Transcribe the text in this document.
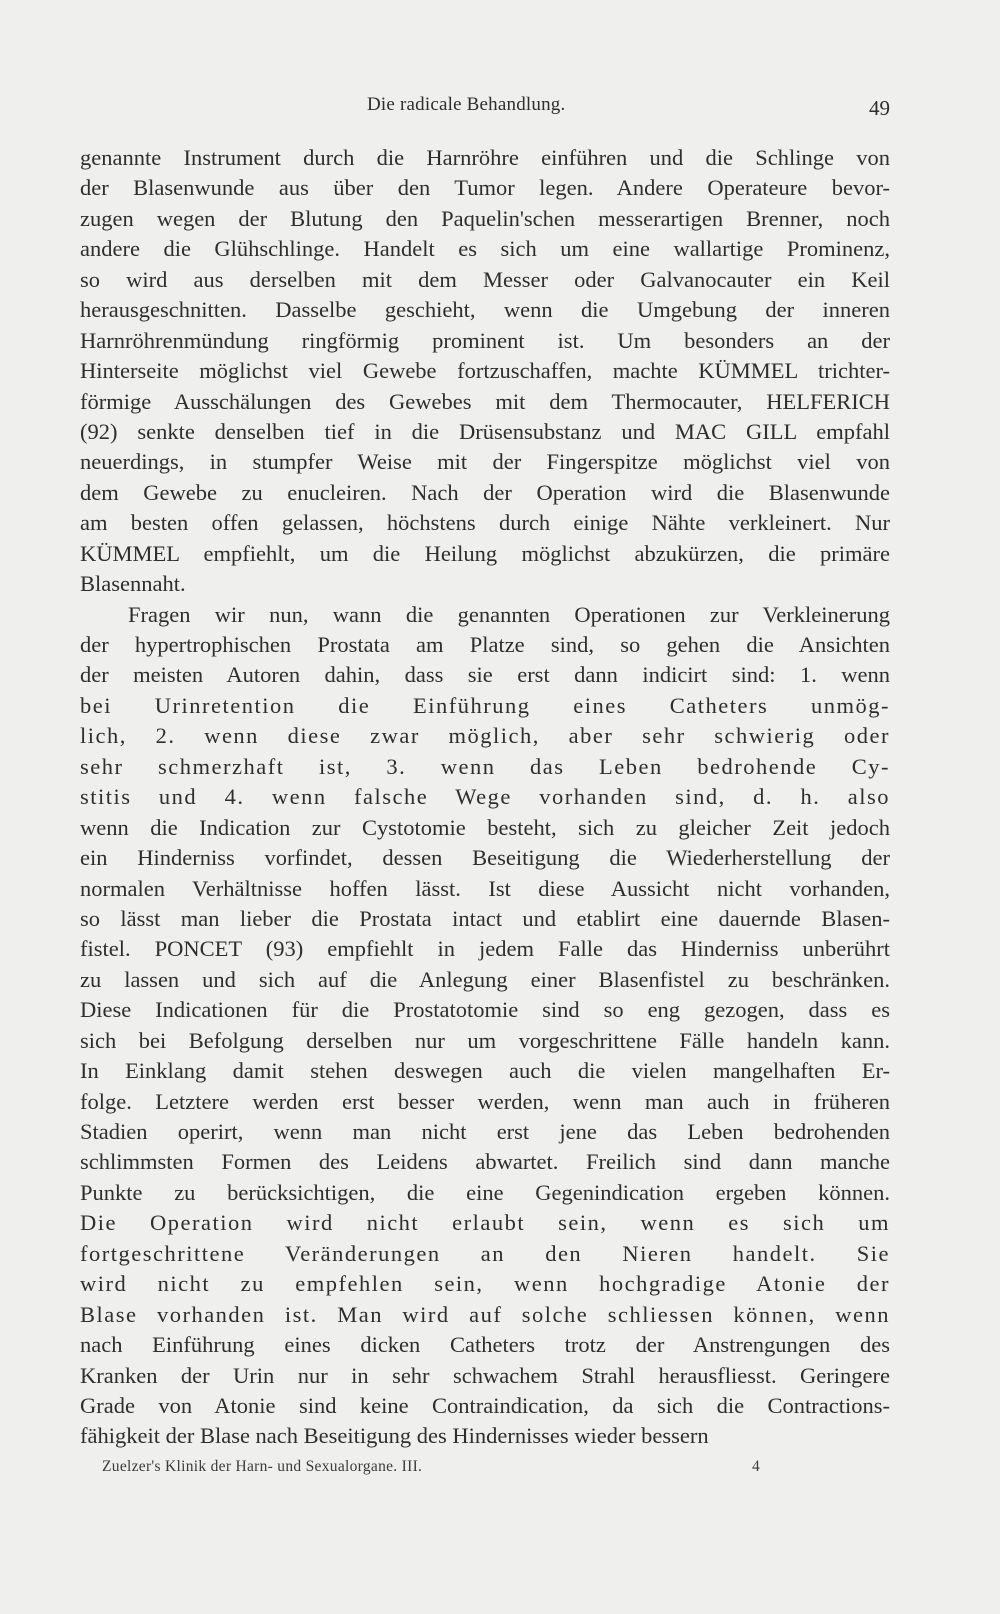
Die radicale Behandlung.	49
genannte Instrument durch die Harnröhre einführen und die Schlinge von
der Blasenwunde aus über den Tumor legen. Andere Operateure bevor-
zugen wegen der Blutung den Paquelin'schen messerartigen Brenner, noch
andere die Glühschlinge. Handelt es sich um eine wallartige Prominenz,
so wird aus derselben mit dem Messer oder Galvanocauter ein Keil
herausgeschnitten. Dasselbe geschieht, wenn die Umgebung der inneren
Harnröhrenmündung ringförmig prominent ist. Um besonders an der
Hinterseite möglichst viel Gewebe fortzuschaffen, machte KÜMMEL trichter-
förmige Ausschälungen des Gewebes mit dem Thermocauter, HELFERICH
(92) senkte denselben tief in die Drüsensubstanz und MAC GILL empfahl
neuerdings, in stumpfer Weise mit der Fingerspitze möglichst viel von
dem Gewebe zu enucleiren. Nach der Operation wird die Blasenwunde
am besten offen gelassen, höchstens durch einige Nähte verkleinert. Nur
KÜMMEL empfiehlt, um die Heilung möglichst abzukürzen, die primäre
Blasennaht.
Fragen wir nun, wann die genannten Operationen zur Verkleinerung
der hypertrophischen Prostata am Platze sind, so gehen die Ansichten
der meisten Autoren dahin, dass sie erst dann indicirt sind: 1. wenn
bei Urinretention die Einführung eines Catheters unmög-
lich, 2. wenn diese zwar möglich, aber sehr schwierig oder
sehr schmerzhaft ist, 3. wenn das Leben bedrohende Cy-
stitis und 4. wenn falsche Wege vorhanden sind, d. h. also
wenn die Indication zur Cystotomie besteht, sich zu gleicher Zeit jedoch
ein Hinderniss vorfindet, dessen Beseitigung die Wiederherstellung der
normalen Verhältnisse hoffen lässt. Ist diese Aussicht nicht vorhanden,
so lässt man lieber die Prostata intact und etablirt eine dauernde Blasen-
fistel. PONCET (93) empfiehlt in jedem Falle das Hinderniss unberührt
zu lassen und sich auf die Anlegung einer Blasenfistel zu beschränken.
Diese Indicationen für die Prostatotomie sind so eng gezogen, dass es
sich bei Befolgung derselben nur um vorgeschrittene Fälle handeln kann.
In Einklang damit stehen deswegen auch die vielen mangelhaften Er-
folge. Letztere werden erst besser werden, wenn man auch in früheren
Stadien operirt, wenn man nicht erst jene das Leben bedrohenden
schlimmsten Formen des Leidens abwartet. Freilich sind dann manche
Punkte zu berücksichtigen, die eine Gegenindication ergeben können.
Die Operation wird nicht erlaubt sein, wenn es sich um
fortgeschrittene Veränderungen an den Nieren handelt. Sie
wird nicht zu empfehlen sein, wenn hochgradige Atonie der
Blase vorhanden ist. Man wird auf solche schliessen können, wenn
nach Einführung eines dicken Catheters trotz der Anstrengungen des
Kranken der Urin nur in sehr schwachem Strahl herausfliesst. Geringere
Grade von Atonie sind keine Contraindication, da sich die Contractions-
fähigkeit der Blase nach Beseitigung des Hindernisses wieder bessern
Zuelzer's Klinik der Harn- und Sexualorgane. III.	4
